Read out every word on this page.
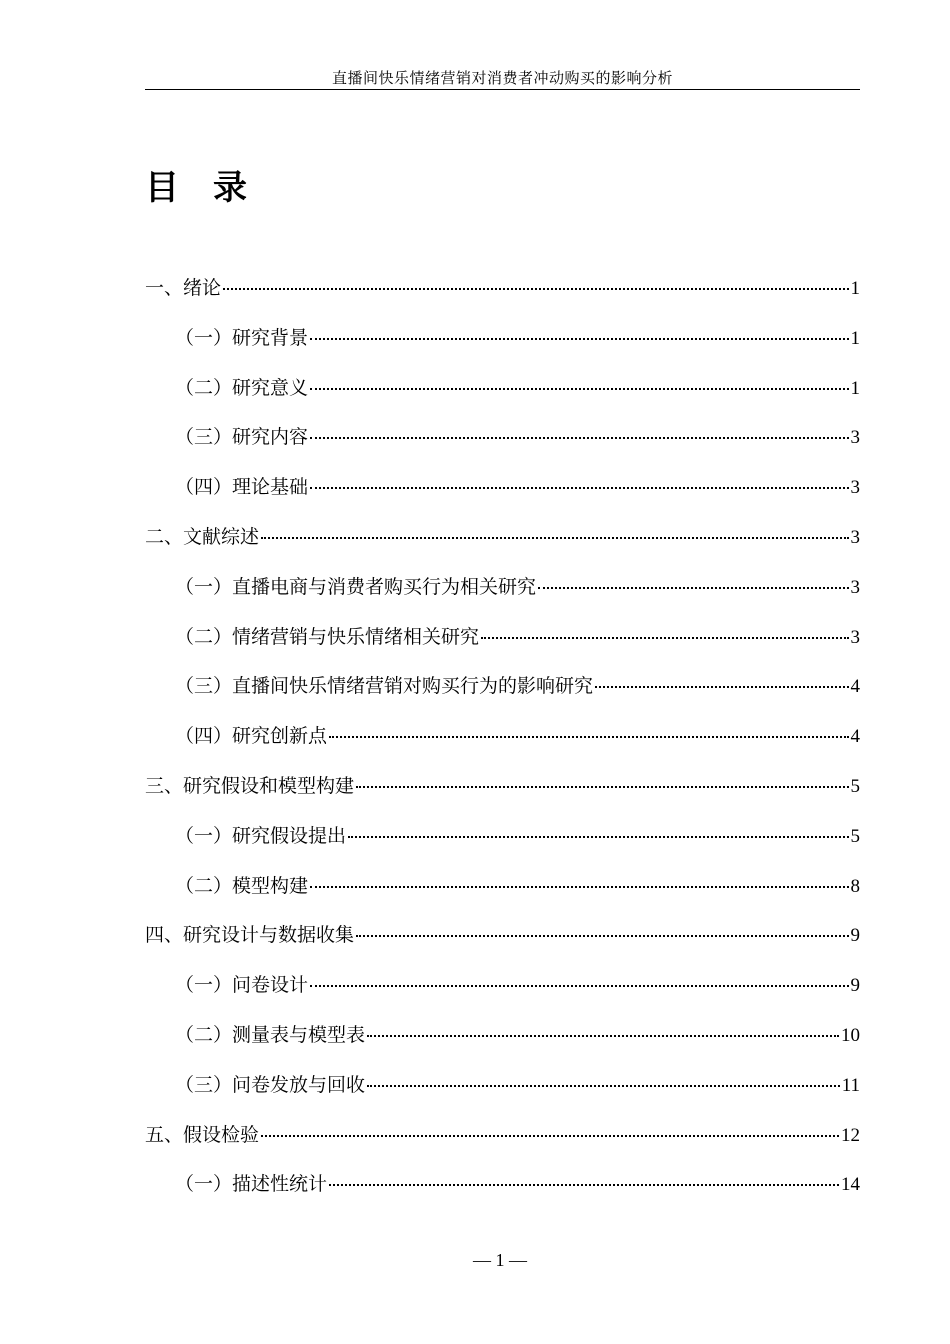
直播间快乐情绪营销对消费者冲动购买的影响分析
目录
一、绪论	1
（一）研究背景	1
（二）研究意义	1
（三）研究内容	3
（四）理论基础	3
二、文献综述	3
（一）直播电商与消费者购买行为相关研究	3
（二）情绪营销与快乐情绪相关研究	3
（三）直播间快乐情绪营销对购买行为的影响研究	4
（四）研究创新点	4
三、研究假设和模型构建	5
（一）研究假设提出	5
（二）模型构建	8
四、研究设计与数据收集	9
（一）问卷设计	9
（二）测量表与模型表	10
（三）问卷发放与回收	11
五、假设检验	12
（一）描述性统计	14
— 1 —
